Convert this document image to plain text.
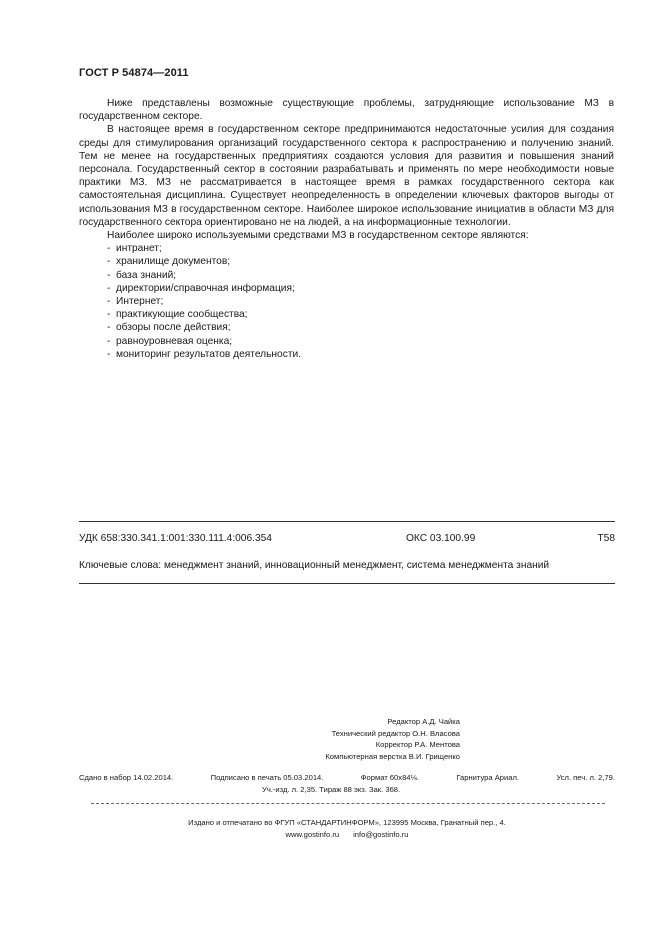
ГОСТ Р 54874—2011

Ниже представлены возможные существующие проблемы, затрудняющие использование МЗ в государственном секторе.

В настоящее время в государственном секторе предпринимаются недостаточные усилия для создания среды для стимулирования организаций государственного сектора к распространению и получению знаний. Тем не менее на государственных предприятиях создаются условия для развития и повышения знаний персонала. Государственный сектор в состоянии разрабатывать и применять по мере необходимости новые практики МЗ. МЗ не рассматривается в настоящее время в рамках государственного сектора как самостоятельная дисциплина. Существует неопределенность в определении ключевых факторов выгоды от использования МЗ в государственном секторе. Наиболее широкое использование инициатив в области МЗ для государственного сектора ориентировано не на людей, а на информационные технологии.

Наиболее широко используемыми средствами МЗ в государственном секторе являются:

- интранет;
- хранилище документов;
- база знаний;
- директории/справочная информация;
- Интернет;
- практикующие сообщества;
- обзоры после действия;
- равноуровневая оценка;
- мониторинг результатов деятельности.
УДК 658:330.341.1:001:330.111.4:006.354	ОКС 03.100.99	Т58
Ключевые слова: менеджмент знаний, инновационный менеджмент, система менеджмента знаний
Редактор А.Д. Чайка
Технический редактор О.Н. Власова
Корректор Р.А. Ментова
Компьютерная верстка В.И. Грищенко
Сдано в набор 14.02.2014.	Подписано в печать 05.03.2014.	Формат 60x84⅛.	Гарнитура Ариал.	Усл. печ. л. 2,79.
Уч.-изд. л. 2,35. Тираж 88 экз. Зак. 368.
Издано и отпечатано во ФГУП «СТАНДАРТИНФОРМ», 123995 Москва, Гранатный пер., 4.
www.gostinfo.ru info@gostinfo.ru
